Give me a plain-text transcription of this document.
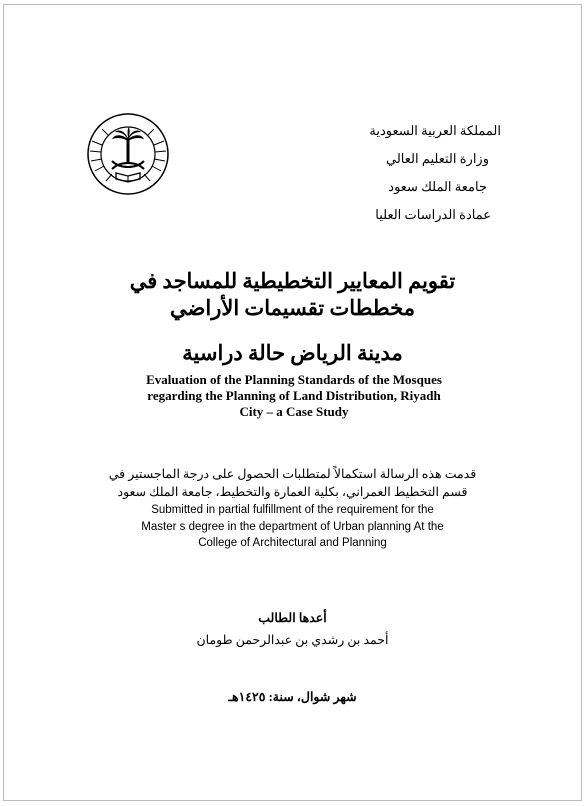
المملكة العربية السعودية
وزارة التعليم العالي
جامعة الملك سعود
عمادة الدراسات العليا
تقويم المعايير التخطيطية للمساجد في
مخططات تقسيمات الأراضي
مدينة الرياض حالة دراسية
Evaluation of the Planning Standards of the Mosques
regarding the Planning of Land Distribution, Riyadh
City – a Case Study
قدمت هذه الرسالة استكمالاً لمتطلبات الحصول على درجة الماجستير في
قسم التخطيط العمراني، بكلية العمارة والتخطيط، جامعة الملك سعود
Submitted in partial fulfillment of the requirement for the
Master s degree in the department of Urban planning At the
College of Architectural and Planning
أعدها الطالب
أحمد بن رشدي بن عبدالرحمن طومان
شهر شوال، سنة: ١٤٢٥هـ
